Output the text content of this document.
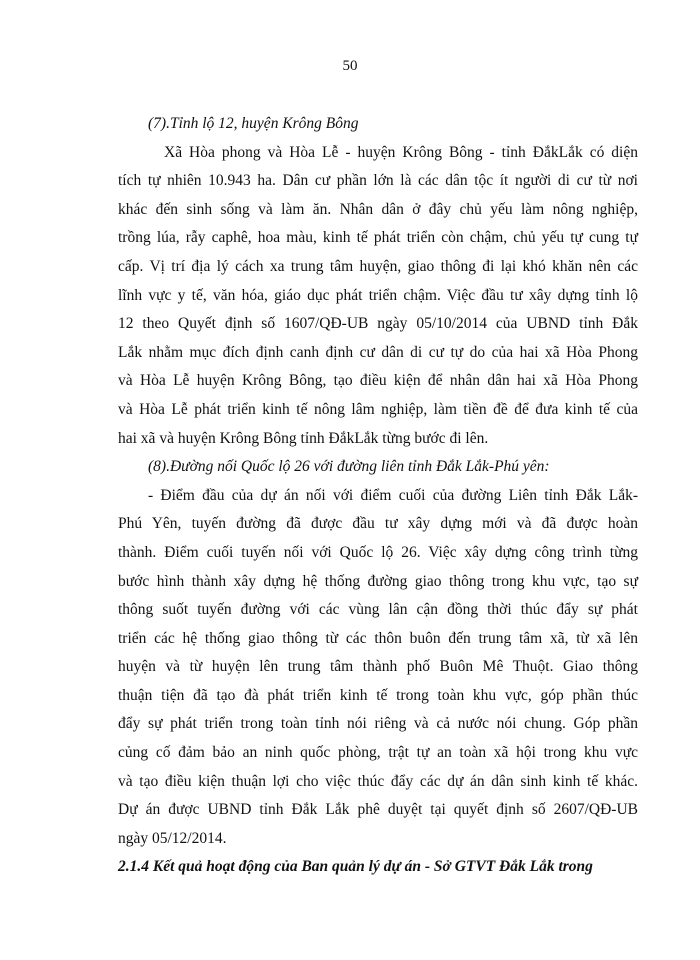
50
(7).Tỉnh lộ 12, huyện Krông Bông
Xã Hòa phong và Hòa Lễ - huyện Krông Bông - tỉnh ĐắkLắk có diện
tích tự nhiên 10.943 ha. Dân cư phần lớn là các dân tộc ít người di cư từ nơi
khác đến sinh sống và làm ăn. Nhân dân ở đây chủ yếu làm nông nghiệp,
trồng lúa, rẫy caphê, hoa màu, kinh tế phát triển còn chậm, chủ yếu tự cung tự
cấp. Vị trí địa lý cách xa trung tâm huyện, giao thông đi lại khó khăn nên các
lĩnh vực y tế, văn hóa, giáo dục phát triển chậm. Việc đầu tư xây dựng tỉnh lộ
12 theo Quyết định số 1607/QĐ-UB ngày 05/10/2014 của UBND tỉnh Đắk
Lắk nhằm mục đích định canh định cư dân di cư tự do của hai xã Hòa Phong
và Hòa Lễ huyện Krông Bông, tạo điều kiện để nhân dân hai xã Hòa Phong
và Hòa Lễ phát triển kinh tế nông lâm nghiệp, làm tiền đề để đưa kinh tế của
hai xã và huyện Krông Bông tỉnh ĐắkLắk từng bước đi lên.
(8).Đường nối Quốc lộ 26 với đường liên tỉnh Đắk Lắk-Phú yên:
- Điểm đầu của dự án nối với điểm cuối của đường Liên tỉnh Đắk Lắk-
Phú Yên, tuyến đường đã được đầu tư xây dựng mới và đã được hoàn
thành. Điểm cuối tuyến nối với Quốc lộ 26. Việc xây dựng công trình từng
bước hình thành xây dựng hệ thống đường giao thông trong khu vực, tạo sự
thông suốt tuyến đường với các vùng lân cận đồng thời thúc đẩy sự phát
triển các hệ thống giao thông từ các thôn buôn đến trung tâm xã, từ xã lên
huyện và từ huyện lên trung tâm thành phố Buôn Mê Thuột. Giao thông
thuận tiện đã tạo đà phát triển kinh tế trong toàn khu vực, góp phần thúc
đẩy sự phát triển trong toàn tỉnh nói riêng và cả nước nói chung. Góp phần
củng cố đảm bảo an ninh quốc phòng, trật tự an toàn xã hội trong khu vực
và tạo điều kiện thuận lợi cho việc thúc đẩy các dự án dân sinh kinh tế khác.
Dự án được UBND tỉnh Đắk Lắk phê duyệt tại quyết định số 2607/QĐ-UB
ngày 05/12/2014.
2.1.4 Kết quả hoạt động của Ban quản lý dự án - Sở GTVT Đắk Lắk trong
